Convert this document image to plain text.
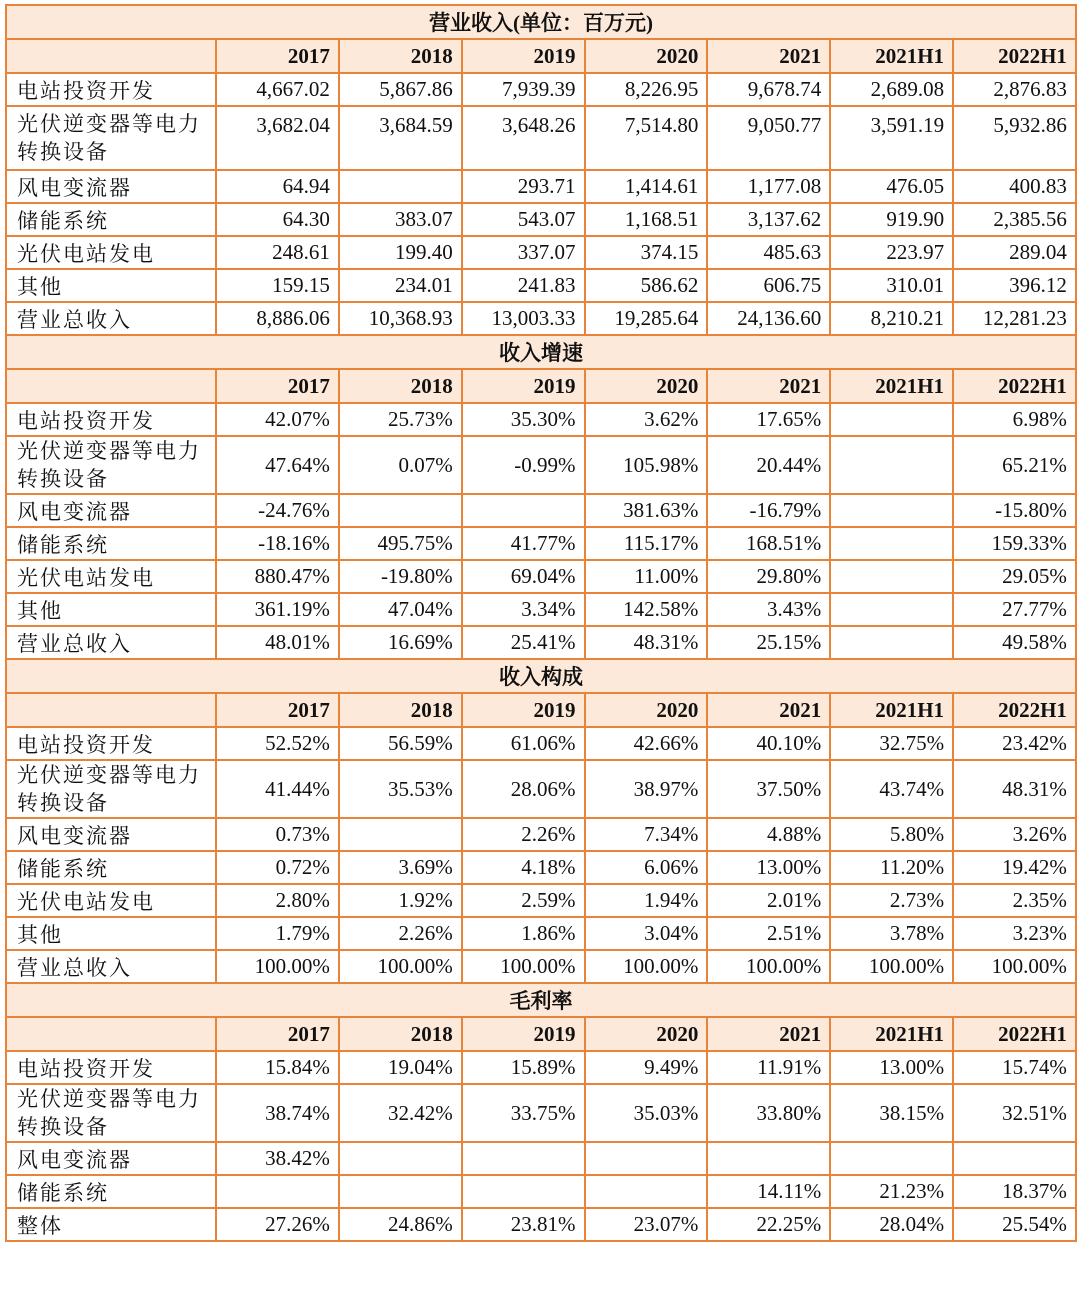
营业收入(单位：百万元)							
	2017	2018	2019	2020	2021	2021H1	2022H1
电站投资开发	4,667.02	5,867.86	7,939.39	8,226.95	9,678.74	2,689.08	2,876.83
光伏逆变器等电力转换设备	3,682.04	3,684.59	3,648.26	7,514.80	9,050.77	3,591.19	5,932.86
风电变流器	64.94		293.71	1,414.61	1,177.08	476.05	400.83
储能系统	64.30	383.07	543.07	1,168.51	3,137.62	919.90	2,385.56
光伏电站发电	248.61	199.40	337.07	374.15	485.63	223.97	289.04
其他	159.15	234.01	241.83	586.62	606.75	310.01	396.12
营业总收入	8,886.06	10,368.93	13,003.33	19,285.64	24,136.60	8,210.21	12,281.23
收入增速							
	2017	2018	2019	2020	2021	2021H1	2022H1
电站投资开发	42.07%	25.73%	35.30%	3.62%	17.65%		6.98%
光伏逆变器等电力转换设备	47.64%	0.07%	-0.99%	105.98%	20.44%		65.21%
风电变流器	-24.76%			381.63%	-16.79%		-15.80%
储能系统	-18.16%	495.75%	41.77%	115.17%	168.51%		159.33%
光伏电站发电	880.47%	-19.80%	69.04%	11.00%	29.80%		29.05%
其他	361.19%	47.04%	3.34%	142.58%	3.43%		27.77%
营业总收入	48.01%	16.69%	25.41%	48.31%	25.15%		49.58%
收入构成							
	2017	2018	2019	2020	2021	2021H1	2022H1
电站投资开发	52.52%	56.59%	61.06%	42.66%	40.10%	32.75%	23.42%
光伏逆变器等电力转换设备	41.44%	35.53%	28.06%	38.97%	37.50%	43.74%	48.31%
风电变流器	0.73%		2.26%	7.34%	4.88%	5.80%	3.26%
储能系统	0.72%	3.69%	4.18%	6.06%	13.00%	11.20%	19.42%
光伏电站发电	2.80%	1.92%	2.59%	1.94%	2.01%	2.73%	2.35%
其他	1.79%	2.26%	1.86%	3.04%	2.51%	3.78%	3.23%
营业总收入	100.00%	100.00%	100.00%	100.00%	100.00%	100.00%	100.00%
毛利率							
	2017	2018	2019	2020	2021	2021H1	2022H1
电站投资开发	15.84%	19.04%	15.89%	9.49%	11.91%	13.00%	15.74%
光伏逆变器等电力转换设备	38.74%	32.42%	33.75%	35.03%	33.80%	38.15%	32.51%
风电变流器	38.42%						
储能系统					14.11%	21.23%	18.37%
整体	27.26%	24.86%	23.81%	23.07%	22.25%	28.04%	25.54%
